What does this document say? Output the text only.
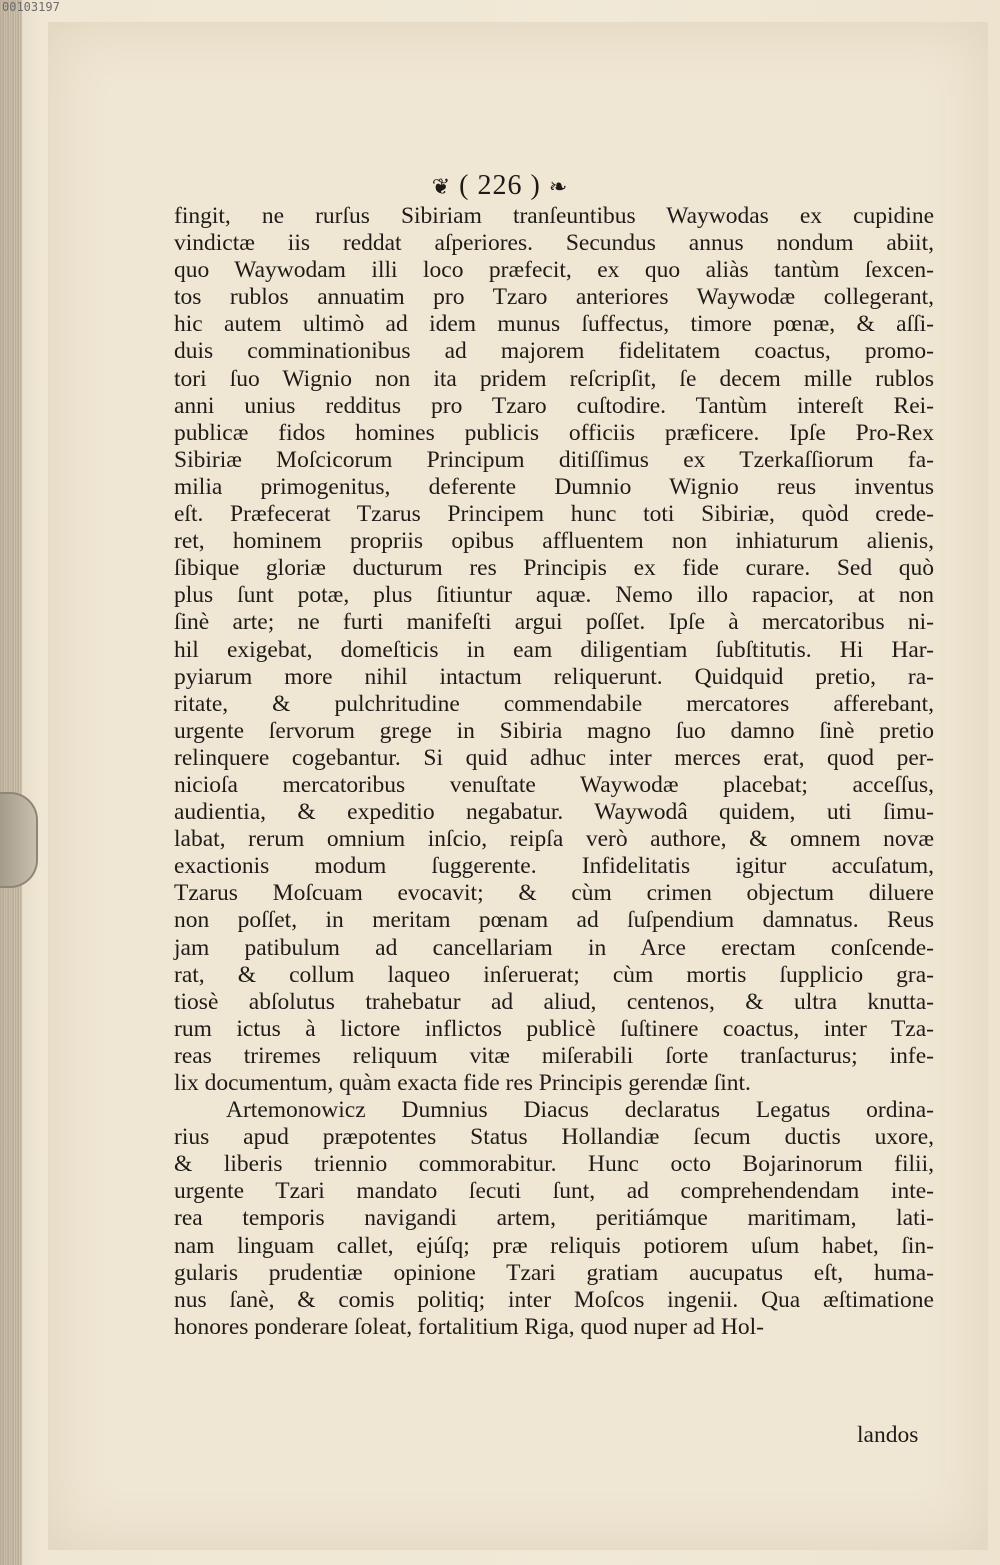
00103197
❦ ( 226 ) ❧
fingit, ne rurſus Sibiriam tranſeuntibus Waywodas ex cupidine
vindictæ iis reddat aſperiores. Secundus annus nondum abiit,
quo Waywodam illi loco præfecit, ex quo aliàs tantùm ſexcen-
tos rublos annuatim pro Tzaro anteriores Waywodæ collegerant,
hic autem ultimò ad idem munus ſuffectus, timore pœnæ, & aſſi-
duis comminationibus ad majorem fidelitatem coactus, promo-
tori ſuo Wignio non ita pridem reſcripſit, ſe decem mille rublos
anni unius redditus pro Tzaro cuſtodire. Tantùm intereſt Rei-
publicæ fidos homines publicis officiis præficere. Ipſe Pro-Rex
Sibiriæ Moſcicorum Principum ditiſſimus ex Tzerkaſſiorum fa-
milia primogenitus, deferente Dumnio Wignio reus inventus
eſt. Præfecerat Tzarus Principem hunc toti Sibiriæ, quòd crede-
ret, hominem propriis opibus affluentem non inhiaturum alienis,
ſibique gloriæ ducturum res Principis ex fide curare. Sed quò
plus ſunt potæ, plus ſitiuntur aquæ. Nemo illo rapacior, at non
ſinè arte; ne furti manifeſti argui poſſet. Ipſe à mercatoribus ni-
hil exigebat, domeſticis in eam diligentiam ſubſtitutis. Hi Har-
pyiarum more nihil intactum reliquerunt. Quidquid pretio, ra-
ritate, & pulchritudine commendabile mercatores afferebant,
urgente ſervorum grege in Sibiria magno ſuo damno ſinè pretio
relinquere cogebantur. Si quid adhuc inter merces erat, quod per-
nicioſa mercatoribus venuſtate Waywodæ placebat; acceſſus,
audientia, & expeditio negabatur. Waywodâ quidem, uti ſimu-
labat, rerum omnium inſcio, reipſa verò authore, & omnem novæ
exactionis modum ſuggerente. Infidelitatis igitur accuſatum,
Tzarus Moſcuam evocavit; & cùm crimen objectum diluere
non poſſet, in meritam pœnam ad ſuſpendium damnatus. Reus
jam patibulum ad cancellariam in Arce erectam conſcende-
rat, & collum laqueo inſeruerat; cùm mortis ſupplicio gra-
tiosè abſolutus trahebatur ad aliud, centenos, & ultra knutta-
rum ictus à lictore inflictos publicè ſuſtinere coactus, inter Tza-
reas triremes reliquum vitæ miſerabili ſorte tranſacturus; infe-
lix documentum, quàm exacta fide res Principis gerendæ ſint.
Artemonowicz Dumnius Diacus declaratus Legatus ordina-
rius apud præpotentes Status Hollandiæ ſecum ductis uxore,
& liberis triennio commorabitur. Hunc octo Bojarinorum filii,
urgente Tzari mandato ſecuti ſunt, ad comprehendendam inte-
rea temporis navigandi artem, peritiámque maritimam, lati-
nam linguam callet, ejúſq; præ reliquis potiorem uſum habet, ſin-
gularis prudentiæ opinione Tzari gratiam aucupatus eſt, huma-
nus ſanè, & comis politiq; inter Moſcos ingenii. Qua æſtimatione
honores ponderare ſoleat, fortalitium Riga, quod nuper ad Hol-
landos
